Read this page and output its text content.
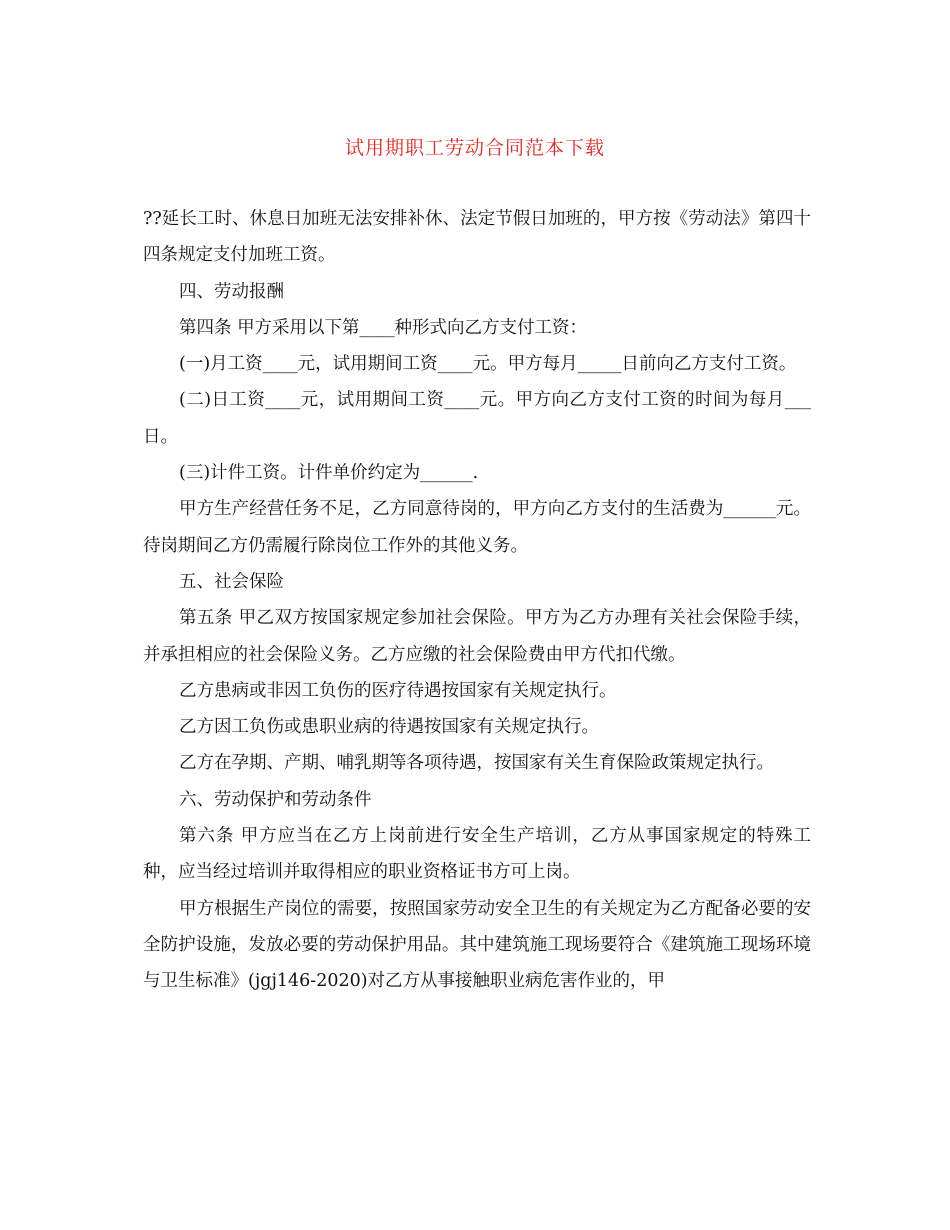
试用期职工劳动合同范本下载

??延长工时、休息日加班无法安排补休、法定节假日加班的，甲方按《劳动法》第四十四条规定支付加班工资。

四、劳动报酬

第四条 甲方采用以下第____种形式向乙方支付工资：

(一)月工资____元，试用期间工资____元。甲方每月_____日前向乙方支付工资。

(二)日工资____元，试用期间工资____元。甲方向乙方支付工资的时间为每月___日。

(三)计件工资。计件单价约定为______.

甲方生产经营任务不足，乙方同意待岗的，甲方向乙方支付的生活费为______元。待岗期间乙方仍需履行除岗位工作外的其他义务。

五、社会保险

第五条 甲乙双方按国家规定参加社会保险。甲方为乙方办理有关社会保险手续，并承担相应的社会保险义务。乙方应缴的社会保险费由甲方代扣代缴。

乙方患病或非因工负伤的医疗待遇按国家有关规定执行。

乙方因工负伤或患职业病的待遇按国家有关规定执行。

乙方在孕期、产期、哺乳期等各项待遇，按国家有关生育保险政策规定执行。

六、劳动保护和劳动条件

第六条 甲方应当在乙方上岗前进行安全生产培训，乙方从事国家规定的特殊工种，应当经过培训并取得相应的职业资格证书方可上岗。

甲方根据生产岗位的需要，按照国家劳动安全卫生的有关规定为乙方配备必要的安全防护设施，发放必要的劳动保护用品。其中建筑施工现场要符合《建筑施工现场环境与卫生标准》(jgj146-2020)对乙方从事接触职业病危害作业的，甲
